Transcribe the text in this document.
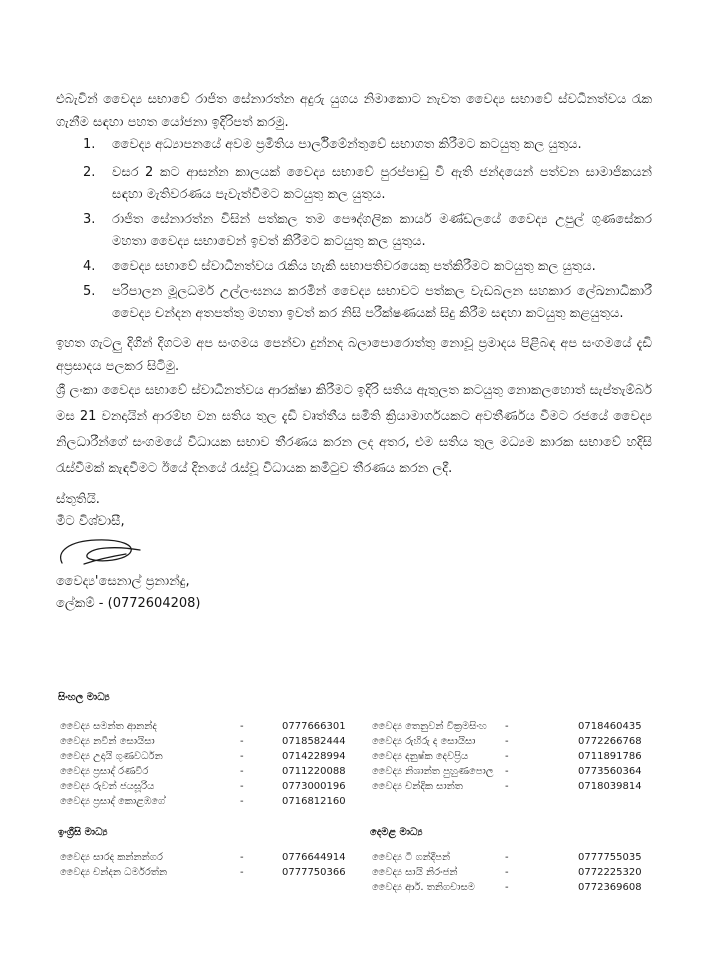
එබැවින් වෛද්‍ය සභාවේ රාජිත සේනාරත්න අදුරු යුගය නිමාකොට නැවත වෛද්‍ය සභාවේ ස්වධීනත්වය රැක ගැනීම සඳහා පහත යෝජනා ඉදිරිපත් කරමු.

1. වෛද්‍ය අධ්‍යාපනයේ අවම ප්‍රමිතිය පාර්ලිමේන්තුවේ සභාගත කිරීමට කටයුතු කල යුතුය.
2. වසර 2 කට ආසන්න කාලයක් වෛද්‍ය සභාවේ පුරප්පාඩු වී ඇති ජන්දයෙන් පත්වන සාමාජිකයන් සඳහා මැතිවරණය පැවැත්වීමට කටයුතු කල යුතුය.
3. රාජිත සේනාරත්න විසින් පත්කල තම පෞද්ගලික කාර්ය මණ්ඩලයේ වෛද්‍ය උපුල් ගුණසේකර මහතා වෛද්‍ය සභාවෙන් ඉවත් කිරීමට කටයුතු කල යුතුය.
4. වෛද්‍ය සභාවේ ස්වාධීනත්වය රැකිය හැකි සභාපතිවරයෙකු පත්කිරීමට කටයුතු කල යුතුය.
5. පරිපාලන මූලධර්ම උල්ලංඝනය කරමින් වෛද්‍ය සභාවට පත්කල වැඩබලන සහකාර ලේඛනාධිකාරී වෛද්‍ය චන්දන අතපත්තු මහතා ඉවත් කර නිසි පරීක්ෂණයක් සිදු කිරීම සඳහා කටයුතු කළයුතුය.

ඉහත ගැටලු දිගින් දිගටම අප සංගමය පෙන්වා දුන්නද බලාපොරොත්තු නොවූ ප්‍රමාදය පිළිබඳ අප සංගමයේ දැඩි අප්‍රසාදය පලකර සිටිමු.

ශ්‍රී ලංකා වෛද්‍ය සභාවේ ස්වාධීනත්වය ආරක්ෂා කිරීමට ඉදිරි සතිය ඇතුලත කටයුතු නොකලහොත් සැප්තැම්බර් මස 21 වනදායින් ආරම්භ වන සතිය තුල දැඩි වෘත්තීය සමිති ක්‍රියාමාර්ගයකට අවතීර්ණය වීමට රජයේ වෛද්‍ය නිලධාරීන්ගේ සංගමයේ විධායක සභාව තීරණය කරන ලද අතර, එම සතිය තුල මධ්‍යම කාරක සභාවේ හදිසි රැස්වීමක් කැඳවීමට ඊයේ දිනයේ රැස්වූ විධායක කමිටුව තීරණය කරන ලදී.

ස්තුතියි.
මීට විශ්වාසී,
වෛද්‍ය'සෙනාල් ප්‍රනාන්දු,
ලේකම් - (0772604208)
සිංහල මාධ්‍ය
වෛද්‍ය සමන්ත ආනන්ද	-	0777666301
වෛද්‍ය නවීන් සොයිසා	-	0718582444
වෛද්‍ය උදායි ගුණවර්ධන	-	0714228994
වෛද්‍ය ප්‍රසාද් රණවීර	-	0711220088
වෛද්‍ය රුවන් ජයසූරිය	-	0773000196
වෛද්‍ය ප්‍රසාද් කොළඹගේ	-	0716812160
වෛද්‍ය තෙනුවන් වික්‍රමසිංහ	-	0718460435
වෛද්‍ය රුහිරු ද සොයිසා	-	0772266768
වෛද්‍ය දනුෂ්ක දෙවප්‍රිය	-	0711891786
වෛද්‍ය නිශාන්ත පුහුණපොල	-	0773560364
වෛද්‍ය චන්දික සාන්ත	-	0718039814
ඉංග්‍රීසි මාධ්‍ය
වෛද්‍ය සාරද කන්නන්ගර	-	0776644914
වෛද්‍ය චන්දන ධර්මරත්න	-	0777750366
දෙමළ මාධ්‍ය
වෛද්‍ය ටී ගන්දීපන්	-	0777755035
වෛද්‍ය සායි නිරංජන්	-	0772225320
වෛද්‍ය ආර්. තනිගචාසම	-	0772369608
